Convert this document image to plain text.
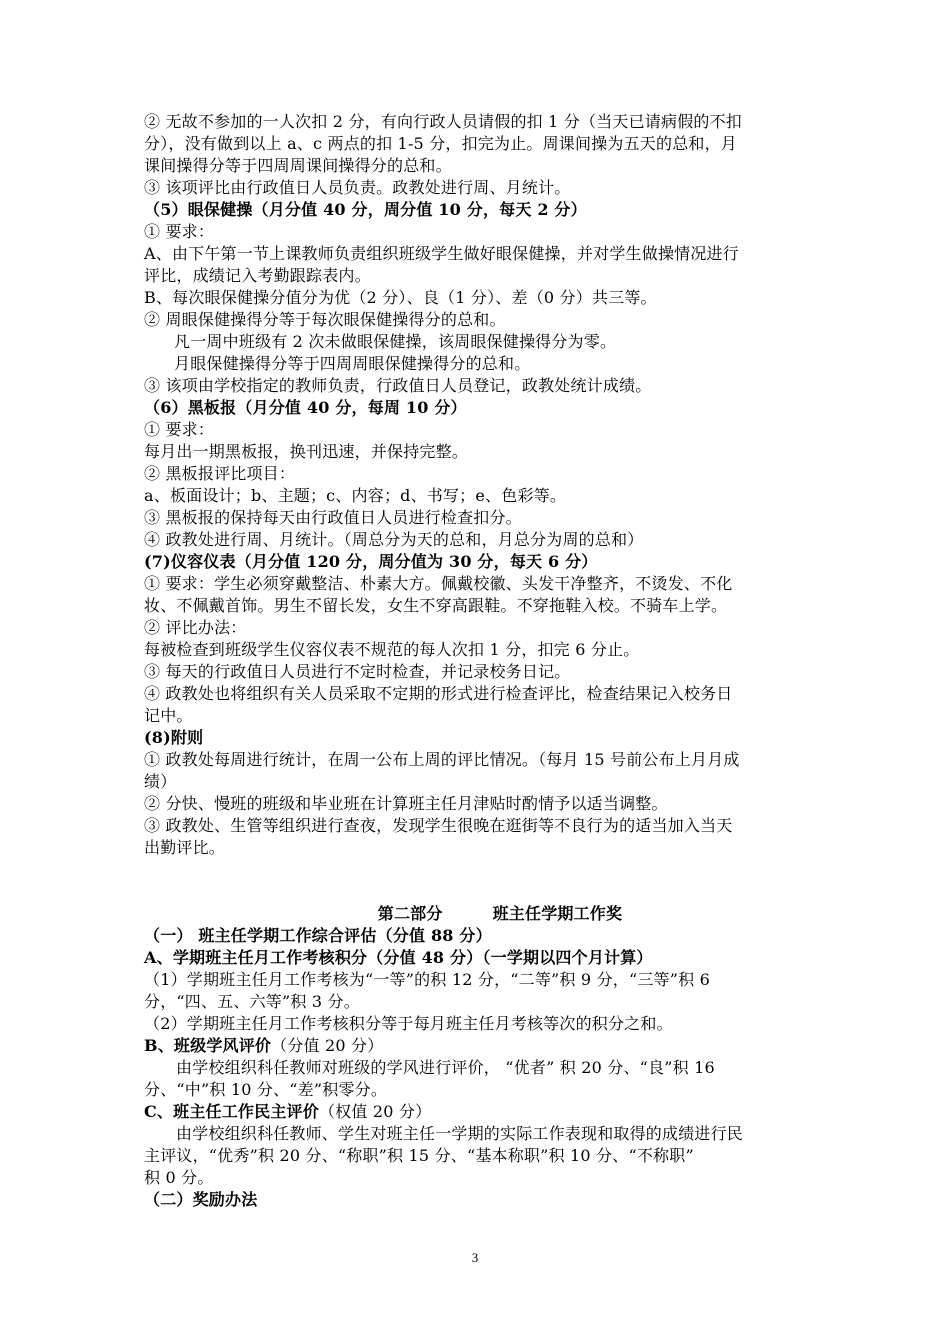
② 无故不参加的一人次扣 2 分，有向行政人员请假的扣 1 分（当天已请病假的不扣
分），没有做到以上 a、c 两点的扣 1-5 分，扣完为止。周课间操为五天的总和，月
课间操得分等于四周周课间操得分的总和。
③ 该项评比由行政值日人员负责。政教处进行周、月统计。
（5）眼保健操（月分值 40 分，周分值 10 分，每天 2 分）
① 要求：
A、由下午第一节上课教师负责组织班级学生做好眼保健操，并对学生做操情况进行
评比，成绩记入考勤跟踪表内。
B、每次眼保健操分值分为优（2 分）、良（1 分）、差（0 分）共三等。
② 周眼保健操得分等于每次眼保健操得分的总和。
凡一周中班级有 2 次未做眼保健操，该周眼保健操得分为零。
月眼保健操得分等于四周周眼保健操得分的总和。
③ 该项由学校指定的教师负责，行政值日人员登记，政教处统计成绩。
（6）黑板报（月分值 40 分，每周 10 分）
① 要求：
每月出一期黑板报，换刊迅速，并保持完整。
② 黑板报评比项目：
a、板面设计；b、主题；c、内容；d、书写；e、色彩等。
③ 黑板报的保持每天由行政值日人员进行检查扣分。
④ 政教处进行周、月统计。（周总分为天的总和，月总分为周的总和）
(7)仪容仪表（月分值 120 分，周分值为 30 分，每天 6 分）
① 要求：学生必须穿戴整洁、朴素大方。佩戴校徽、头发干净整齐，不烫发、不化
妆、不佩戴首饰。男生不留长发，女生不穿高跟鞋。不穿拖鞋入校。不骑车上学。
② 评比办法：
每被检查到班级学生仪容仪表不规范的每人次扣 1 分，扣完 6 分止。
③ 每天的行政值日人员进行不定时检查，并记录校务日记。
④ 政教处也将组织有关人员采取不定期的形式进行检查评比，检查结果记入校务日
记中。
(8)附则
① 政教处每周进行统计，在周一公布上周的评比情况。（每月 15 号前公布上月月成
绩）
② 分快、慢班的班级和毕业班在计算班主任月津贴时酌情予以适当调整。
③ 政教处、生管等组织进行查夜，发现学生很晚在逛街等不良行为的适当加入当天
出勤评比。
第二部分	班主任学期工作奖
（一） 班主任学期工作综合评估（分值 88 分）
A、学期班主任月工作考核积分（分值 48 分）（一学期以四个月计算）
（1）学期班主任月工作考核为“一等”的积 12 分，“二等”积 9 分，“三等”积 6
分，“四、五、六等”积 3 分。
（2）学期班主任月工作考核积分等于每月班主任月考核等次的积分之和。
B、班级学风评价（分值 20 分）
由学校组织科任教师对班级的学风进行评价， “优者” 积 20 分、“良”积 16
分、“中”积 10 分、“差”积零分。
C、班主任工作民主评价（权值 20 分）
由学校组织科任教师、学生对班主任一学期的实际工作表现和取得的成绩进行民
主评议，“优秀”积 20 分、“称职”积 15 分、“基本称职”积 10 分、“不称职”
积 0 分。
（二）奖励办法
3
